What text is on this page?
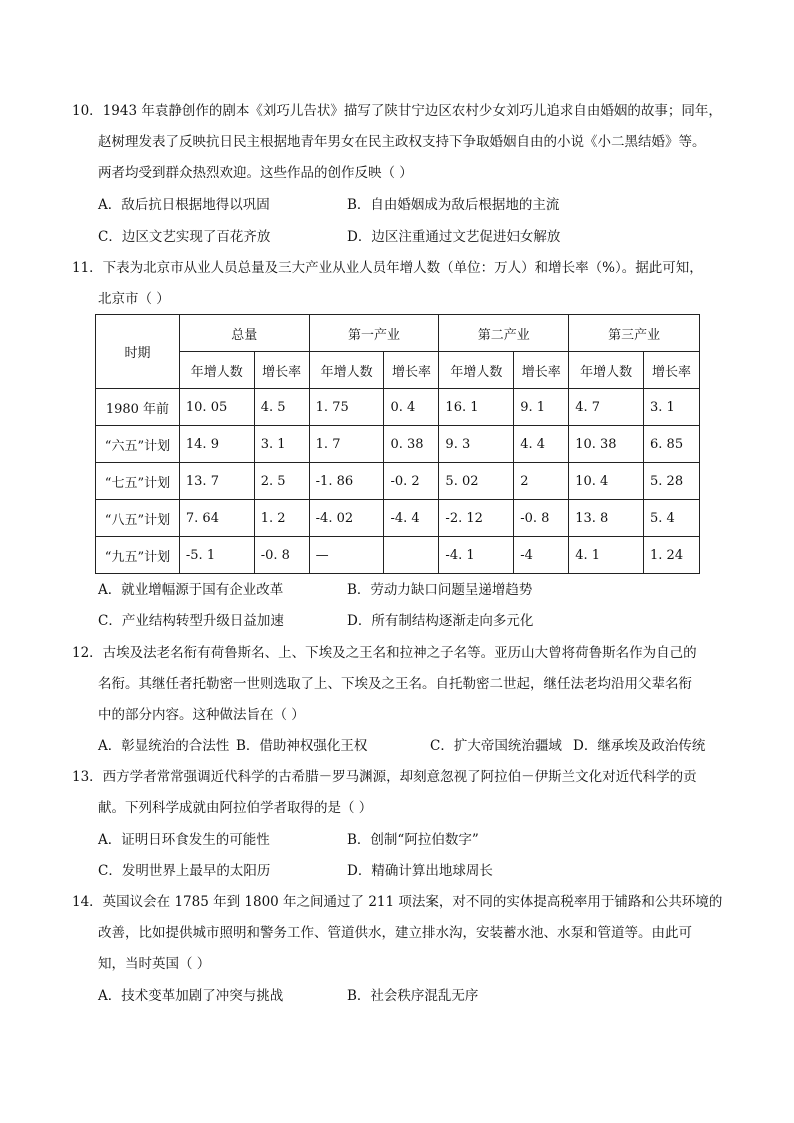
10．1943 年袁静创作的剧本《刘巧儿告状》描写了陕甘宁边区农村少女刘巧儿追求自由婚姻的故事；同年，
赵树理发表了反映抗日民主根据地青年男女在民主政权支持下争取婚姻自由的小说《小二黑结婚》等。
两者均受到群众热烈欢迎。这些作品的创作反映（ ）
A．敌后抗日根据地得以巩固	B．自由婚姻成为敌后根据地的主流
C．边区文艺实现了百花齐放	D．边区注重通过文艺促进妇女解放
11．下表为北京市从业人员总量及三大产业从业人员年增人数（单位：万人）和增长率（%）。据此可知，
北京市（ ）
时期	总量		第一产业		第二产业		第三产业	
	年增人数	增长率	年增人数	增长率	年增人数	增长率	年增人数	增长率
1980 年前	10. 05	4. 5	1. 75	0. 4	16. 1	9. 1	4. 7	3. 1
“六五”计划	14. 9	3. 1	1. 7	0. 38	9. 3	4. 4	10. 38	6. 85
“七五”计划	13. 7	2. 5	-1. 86	-0. 2	5. 02	2	10. 4	5. 28
“八五”计划	7. 64	1. 2	-4. 02	-4. 4	-2. 12	-0. 8	13. 8	5. 4
“九五”计划	-5. 1	-0. 8	—		-4. 1	-4	4. 1	1. 24
A．就业增幅源于国有企业改革	B．劳动力缺口问题呈递增趋势
C．产业结构转型升级日益加速	D．所有制结构逐渐走向多元化
12．古埃及法老名衔有荷鲁斯名、上、下埃及之王名和拉神之子名等。亚历山大曾将荷鲁斯名作为自己的
名衔。其继任者托勒密一世则选取了上、下埃及之王名。自托勒密二世起，继任法老均沿用父辈名衔
中的部分内容。这种做法旨在（ ）
A．彰显统治的合法性 B．借助神权强化王权	C．扩大帝国统治疆域 D．继承埃及政治传统
13．西方学者常常强调近代科学的古希腊－罗马渊源，却刻意忽视了阿拉伯－伊斯兰文化对近代科学的贡
献。下列科学成就由阿拉伯学者取得的是（ ）
A．证明日环食发生的可能性	B．创制“阿拉伯数字”
C．发明世界上最早的太阳历	D．精确计算出地球周长
14．英国议会在 1785 年到 1800 年之间通过了 211 项法案，对不同的实体提高税率用于铺路和公共环境的
改善，比如提供城市照明和警务工作、管道供水，建立排水沟，安装蓄水池、水泵和管道等。由此可
知，当时英国（ ）
A．技术变革加剧了冲突与挑战	B．社会秩序混乱无序
